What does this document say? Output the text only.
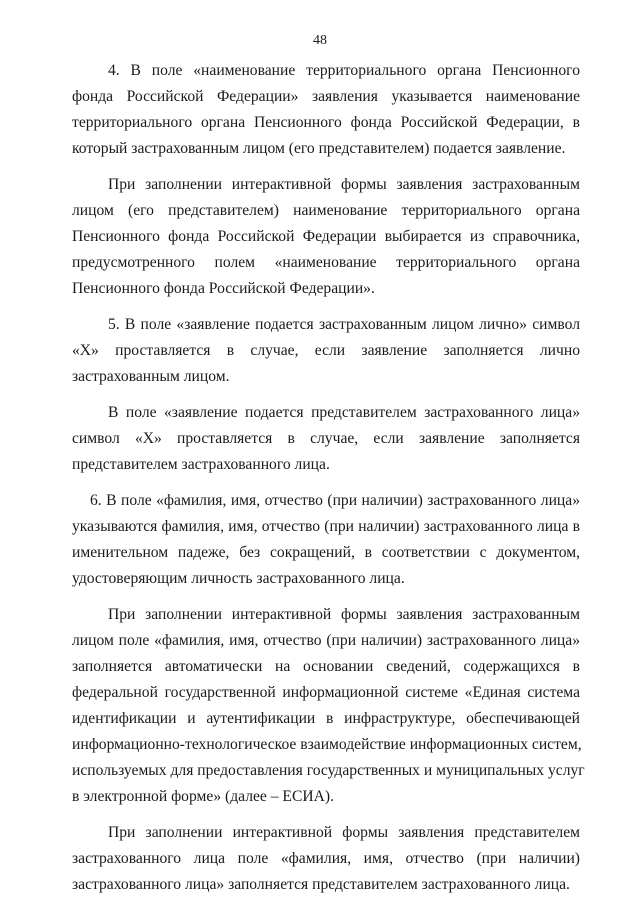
48
4. В поле «наименование территориального органа Пенсионного
фонда Российской Федерации» заявления указывается наименование
территориального органа Пенсионного фонда Российской Федерации, в
который застрахованным лицом (его представителем) подается заявление.
При заполнении интерактивной формы заявления застрахованным
лицом (его представителем) наименование территориального органа
Пенсионного фонда Российской Федерации выбирается из справочника,
предусмотренного полем «наименование территориального органа
Пенсионного фонда Российской Федерации».
5. В поле «заявление подается застрахованным лицом лично» символ
«X» проставляется в случае, если заявление заполняется лично
застрахованным лицом.
В поле «заявление подается представителем застрахованного лица»
символ «X» проставляется в случае, если заявление заполняется
представителем застрахованного лица.
6. В поле «фамилия, имя, отчество (при наличии) застрахованного лица»
указываются фамилия, имя, отчество (при наличии) застрахованного лица в
именительном падеже, без сокращений, в соответствии с документом,
удостоверяющим личность застрахованного лица.
При заполнении интерактивной формы заявления застрахованным
лицом поле «фамилия, имя, отчество (при наличии) застрахованного лица»
заполняется автоматически на основании сведений, содержащихся в
федеральной государственной информационной системе «Единая система
идентификации и аутентификации в инфраструктуре, обеспечивающей
информационно-технологическое взаимодействие информационных систем,
используемых для предоставления государственных и муниципальных услуг
в электронной форме» (далее – ЕСИА).
При заполнении интерактивной формы заявления представителем
застрахованного лица поле «фамилия, имя, отчество (при наличии)
застрахованного лица» заполняется представителем застрахованного лица.
